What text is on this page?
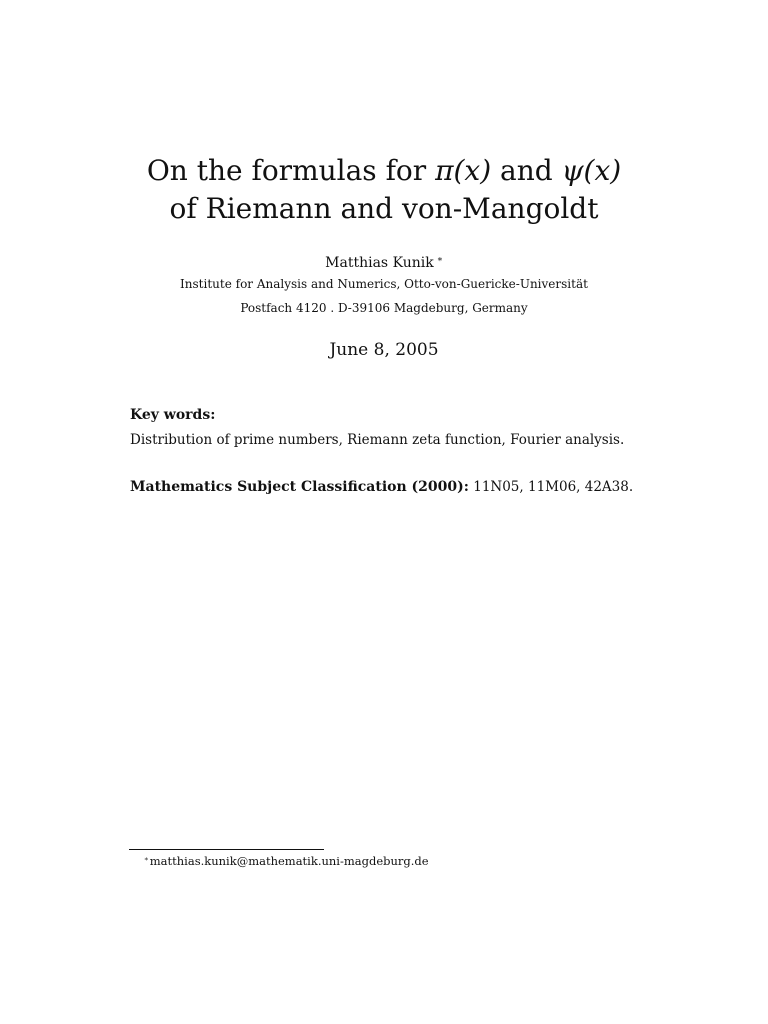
On the formulas for π(x) and ψ(x)
of Riemann and von-Mangoldt
Matthias Kunik ∗
Institute for Analysis and Numerics, Otto-von-Guericke-Universität
Postfach 4120 . D-39106 Magdeburg, Germany
June 8, 2005
Key words:
Distribution of prime numbers, Riemann zeta function, Fourier analysis.
Mathematics Subject Classification (2000): 11N05, 11M06, 42A38.
∗matthias.kunik@mathematik.uni-magdeburg.de
